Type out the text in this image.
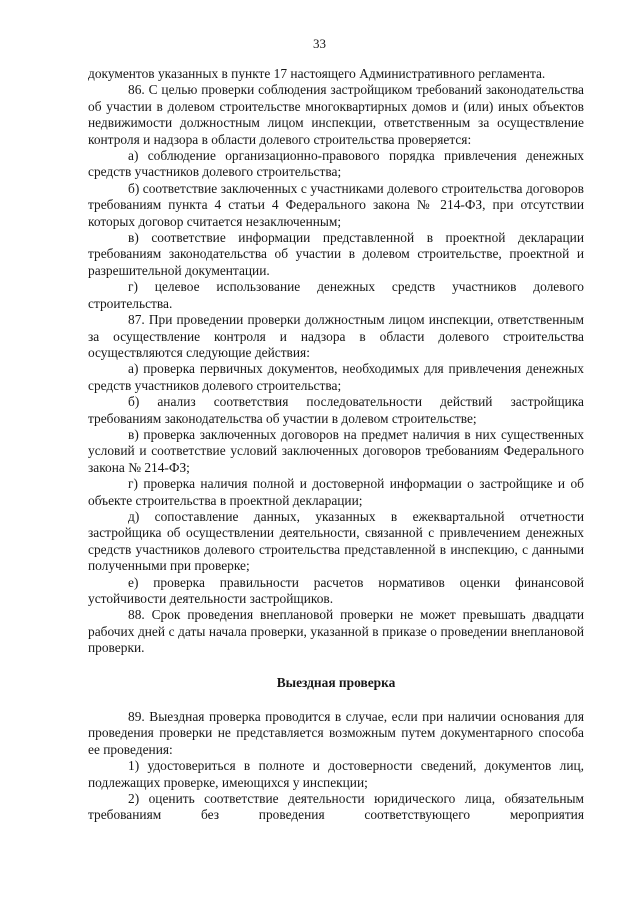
33

документов указанных в пункте 17 настоящего Административного регламента.

86. С целью проверки соблюдения застройщиком требований законодательства об участии в долевом строительстве многоквартирных домов и (или) иных объектов недвижимости должностным лицом инспекции, ответственным за осуществление контроля и надзора в области долевого строительства проверяется:

а) соблюдение организационно-правового порядка привлечения денежных средств участников долевого строительства;

б) соответствие заключенных с участниками долевого строительства договоров требованиям пункта 4 статьи 4 Федерального закона № 214-ФЗ, при отсутствии которых договор считается незаключенным;

в) соответствие информации представленной в проектной декларации требованиям законодательства об участии в долевом строительстве, проектной и разрешительной документации.

г) целевое использование денежных средств участников долевого строительства.

87. При проведении проверки должностным лицом инспекции, ответственным за осуществление контроля и надзора в области долевого строительства осуществляются следующие действия:

а) проверка первичных документов, необходимых для привлечения денежных средств участников долевого строительства;

б) анализ соответствия последовательности действий застройщика требованиям законодательства об участии в долевом строительстве;

в) проверка заключенных договоров на предмет наличия в них существенных условий и соответствие условий заключенных договоров требованиям Федерального закона № 214-ФЗ;

г) проверка наличия полной и достоверной информации о застройщике и об объекте строительства в проектной декларации;

д) сопоставление данных, указанных в ежеквартальной отчетности застройщика об осуществлении деятельности, связанной с привлечением денежных средств участников долевого строительства представленной в инспекцию, с данными полученными при проверке;

е) проверка правильности расчетов нормативов оценки финансовой устойчивости деятельности застройщиков.

88. Срок проведения внеплановой проверки не может превышать двадцати рабочих дней с даты начала проверки, указанной в приказе о проведении внеплановой проверки.

Выездная проверка

89. Выездная проверка проводится в случае, если при наличии основания для проведения проверки не представляется возможным путем документарного способа ее проведения:

1) удостовериться в полноте и достоверности сведений, документов лиц, подлежащих проверке, имеющихся у инспекции;

2) оценить соответствие деятельности юридического лица, обязательным требованиям без проведения соответствующего мероприятия
